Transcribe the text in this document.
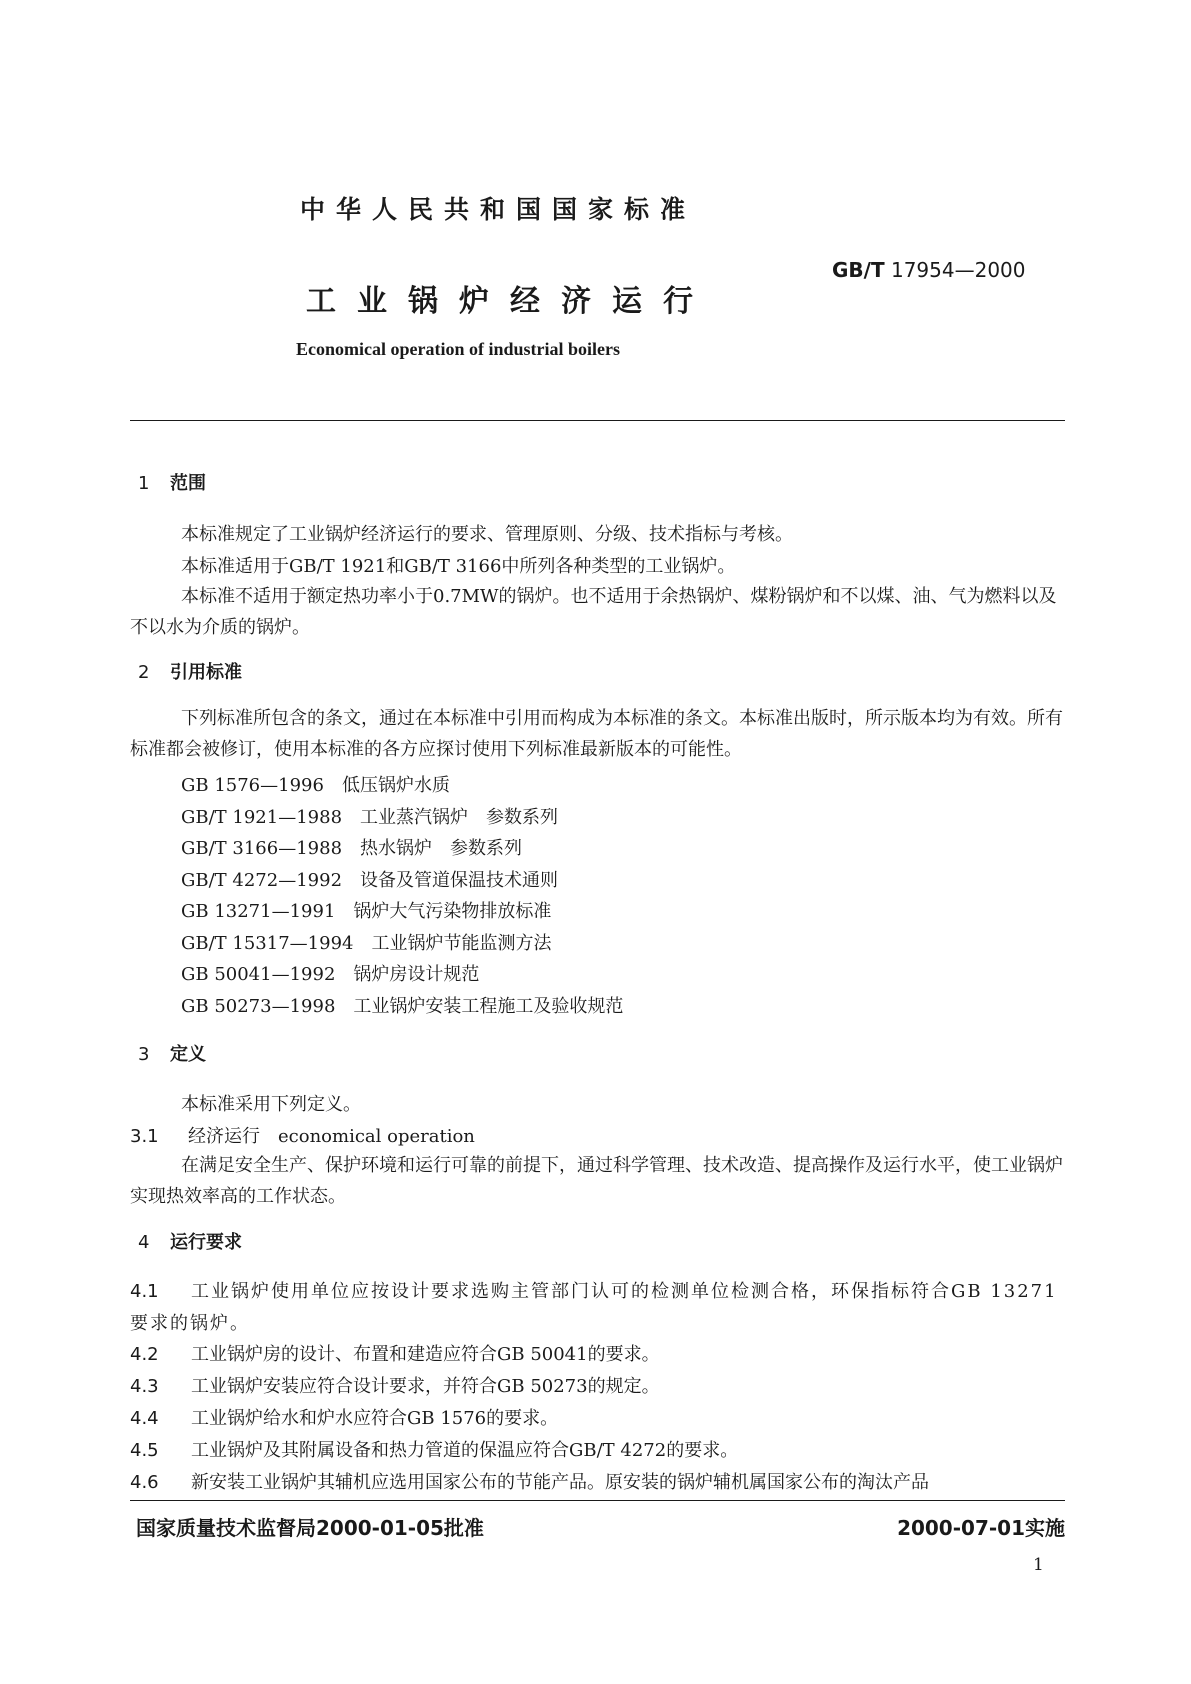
中华人民共和国国家标准
GB/T 17954—2000
工业锅炉经济运行
Economical operation of industrial boilers
1 范围
本标准规定了工业锅炉经济运行的要求、管理原则、分级、技术指标与考核。
本标准适用于GB/T 1921和GB/T 3166中所列各种类型的工业锅炉。
本标准不适用于额定热功率小于0.7MW的锅炉。也不适用于余热锅炉、煤粉锅炉和不以煤、油、气为燃料以及不以水为介质的锅炉。
2 引用标准
下列标准所包含的条文，通过在本标准中引用而构成为本标准的条文。本标准出版时，所示版本均为有效。所有标准都会被修订，使用本标准的各方应探讨使用下列标准最新版本的可能性。
GB 1576—1996　低压锅炉水质
GB/T 1921—1988　工业蒸汽锅炉　参数系列
GB/T 3166—1988　热水锅炉　参数系列
GB/T 4272—1992　设备及管道保温技术通则
GB 13271—1991　锅炉大气污染物排放标准
GB/T 15317—1994　工业锅炉节能监测方法
GB 50041—1992　锅炉房设计规范
GB 50273—1998　工业锅炉安装工程施工及验收规范
3 定义
本标准采用下列定义。
3.1 经济运行　economical operation
在满足安全生产、保护环境和运行可靠的前提下，通过科学管理、技术改造、提高操作及运行水平，使工业锅炉实现热效率高的工作状态。
4 运行要求
4.1 工业锅炉使用单位应按设计要求选购主管部门认可的检测单位检测合格，环保指标符合GB 13271要求的锅炉。
4.2 工业锅炉房的设计、布置和建造应符合GB 50041的要求。
4.3 工业锅炉安装应符合设计要求，并符合GB 50273的规定。
4.4 工业锅炉给水和炉水应符合GB 1576的要求。
4.5 工业锅炉及其附属设备和热力管道的保温应符合GB/T 4272的要求。
4.6 新安装工业锅炉其辅机应选用国家公布的节能产品。原安装的锅炉辅机属国家公布的淘汰产品
国家质量技术监督局2000-01-05批准	2000-07-01实施
1
